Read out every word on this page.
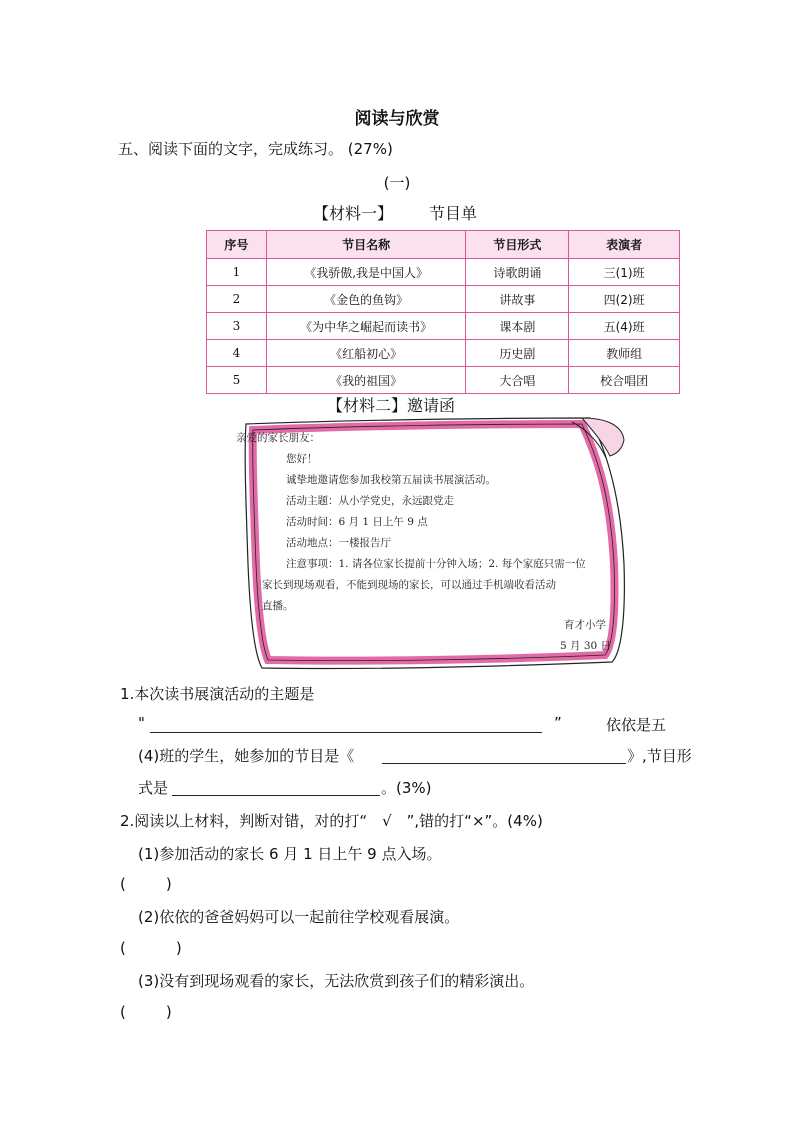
阅读与欣赏
五、阅读下面的文字，完成练习。 (27%)
(一)
【材料一】 节目单
序号	节目名称	节目形式	表演者
1	《我骄傲,我是中国人》	诗歌朗诵	三(1)班
2	《金色的鱼钩》	讲故事	四(2)班
3	《为中华之崛起而读书》	课本剧	五(4)班
4	《红船初心》	历史剧	教师组
5	《我的祖国》	大合唱	校合唱团
【材料二】邀请函
亲爱的家长朋友：
您好！
诚挚地邀请您参加我校第五届读书展演活动。
活动主题：从小学党史，永远跟党走
活动时间：6 月 1 日上午 9 点
活动地点：一楼报告厅
注意事项：1. 请各位家长提前十分钟入场；2. 每个家庭只需一位
家长到现场观看，不能到现场的家长，可以通过手机端收看活动
直播。
育才小学
5 月 30 日
1.本次读书展演活动的主题是
"	”	依依是五
(4)班的学生，她参加的节目是《	》,节目形
式是	。(3%)
2.阅读以上材料，判断对错，对的打“　√　”,错的打“×”。(4%)
(1)参加活动的家长 6 月 1 日上午 9 点入场。
(	)
(2)依依的爸爸妈妈可以一起前往学校观看展演。
(	)
(3)没有到现场观看的家长，无法欣赏到孩子们的精彩演出。
(	)
